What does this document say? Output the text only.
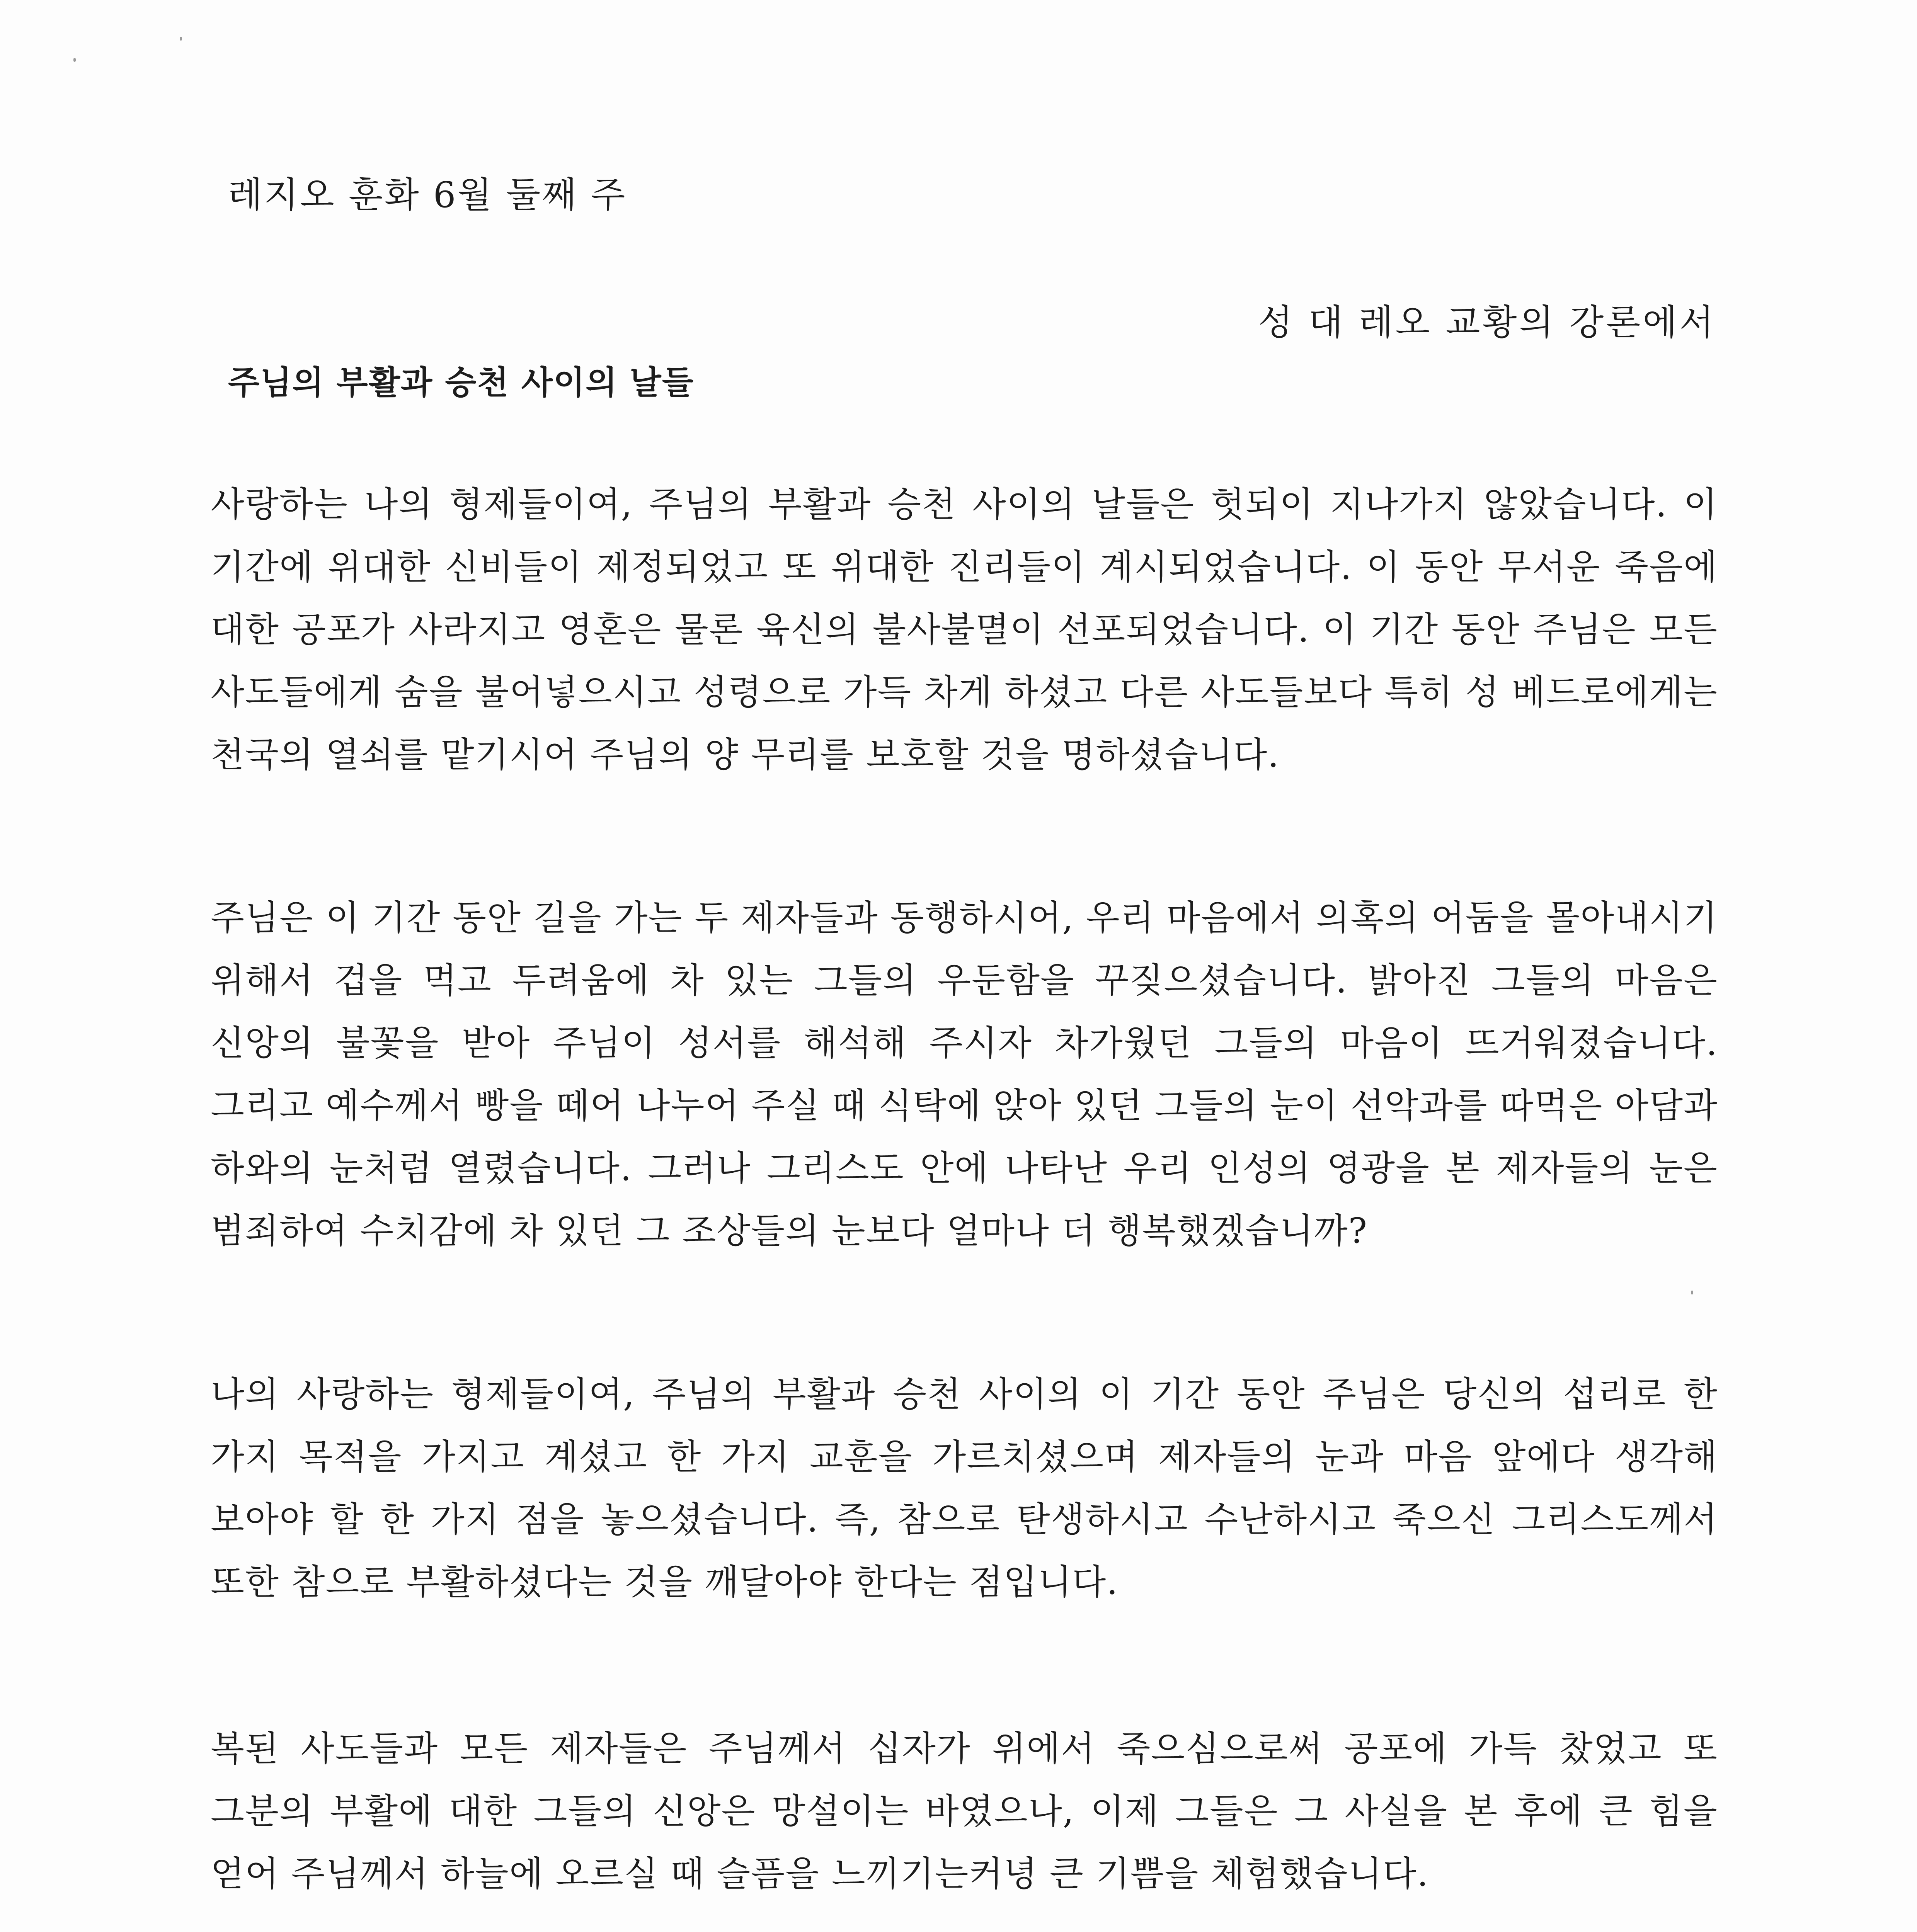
레지오 훈화 6월 둘째 주
성 대 레오 교황의 강론에서
주님의 부활과 승천 사이의 날들
사랑하는 나의 형제들이여, 주님의 부활과 승천 사이의 날들은 헛되이 지나가지 않았습니다. 이 기간에 위대한 신비들이 제정되었고 또 위대한 진리들이 계시되었습니다. 이 동안 무서운 죽음에 대한 공포가 사라지고 영혼은 물론 육신의 불사불멸이 선포되었습니다. 이 기간 동안 주님은 모든 사도들에게 숨을 불어넣으시고 성령으로 가득 차게 하셨고 다른 사도들보다 특히 성 베드로에게는 천국의 열쇠를 맡기시어 주님의 양 무리를 보호할 것을 명하셨습니다.
주님은 이 기간 동안 길을 가는 두 제자들과 동행하시어, 우리 마음에서 의혹의 어둠을 몰아내시기 위해서 겁을 먹고 두려움에 차 있는 그들의 우둔함을 꾸짖으셨습니다. 밝아진 그들의 마음은 신앙의 불꽃을 받아 주님이 성서를 해석해 주시자 차가웠던 그들의 마음이 뜨거워졌습니다. 그리고 예수께서 빵을 떼어 나누어 주실 때 식탁에 앉아 있던 그들의 눈이 선악과를 따먹은 아담과 하와의 눈처럼 열렸습니다. 그러나 그리스도 안에 나타난 우리 인성의 영광을 본 제자들의 눈은 범죄하여 수치감에 차 있던 그 조상들의 눈보다 얼마나 더 행복했겠습니까?
나의 사랑하는 형제들이여, 주님의 부활과 승천 사이의 이 기간 동안 주님은 당신의 섭리로 한 가지 목적을 가지고 계셨고 한 가지 교훈을 가르치셨으며 제자들의 눈과 마음 앞에다 생각해 보아야 할 한 가지 점을 놓으셨습니다. 즉, 참으로 탄생하시고 수난하시고 죽으신 그리스도께서 또한 참으로 부활하셨다는 것을 깨달아야 한다는 점입니다.
복된 사도들과 모든 제자들은 주님께서 십자가 위에서 죽으심으로써 공포에 가득 찼었고 또 그분의 부활에 대한 그들의 신앙은 망설이는 바였으나, 이제 그들은 그 사실을 본 후에 큰 힘을 얻어 주님께서 하늘에 오르실 때 슬픔을 느끼기는커녕 큰 기쁨을 체험했습니다.
